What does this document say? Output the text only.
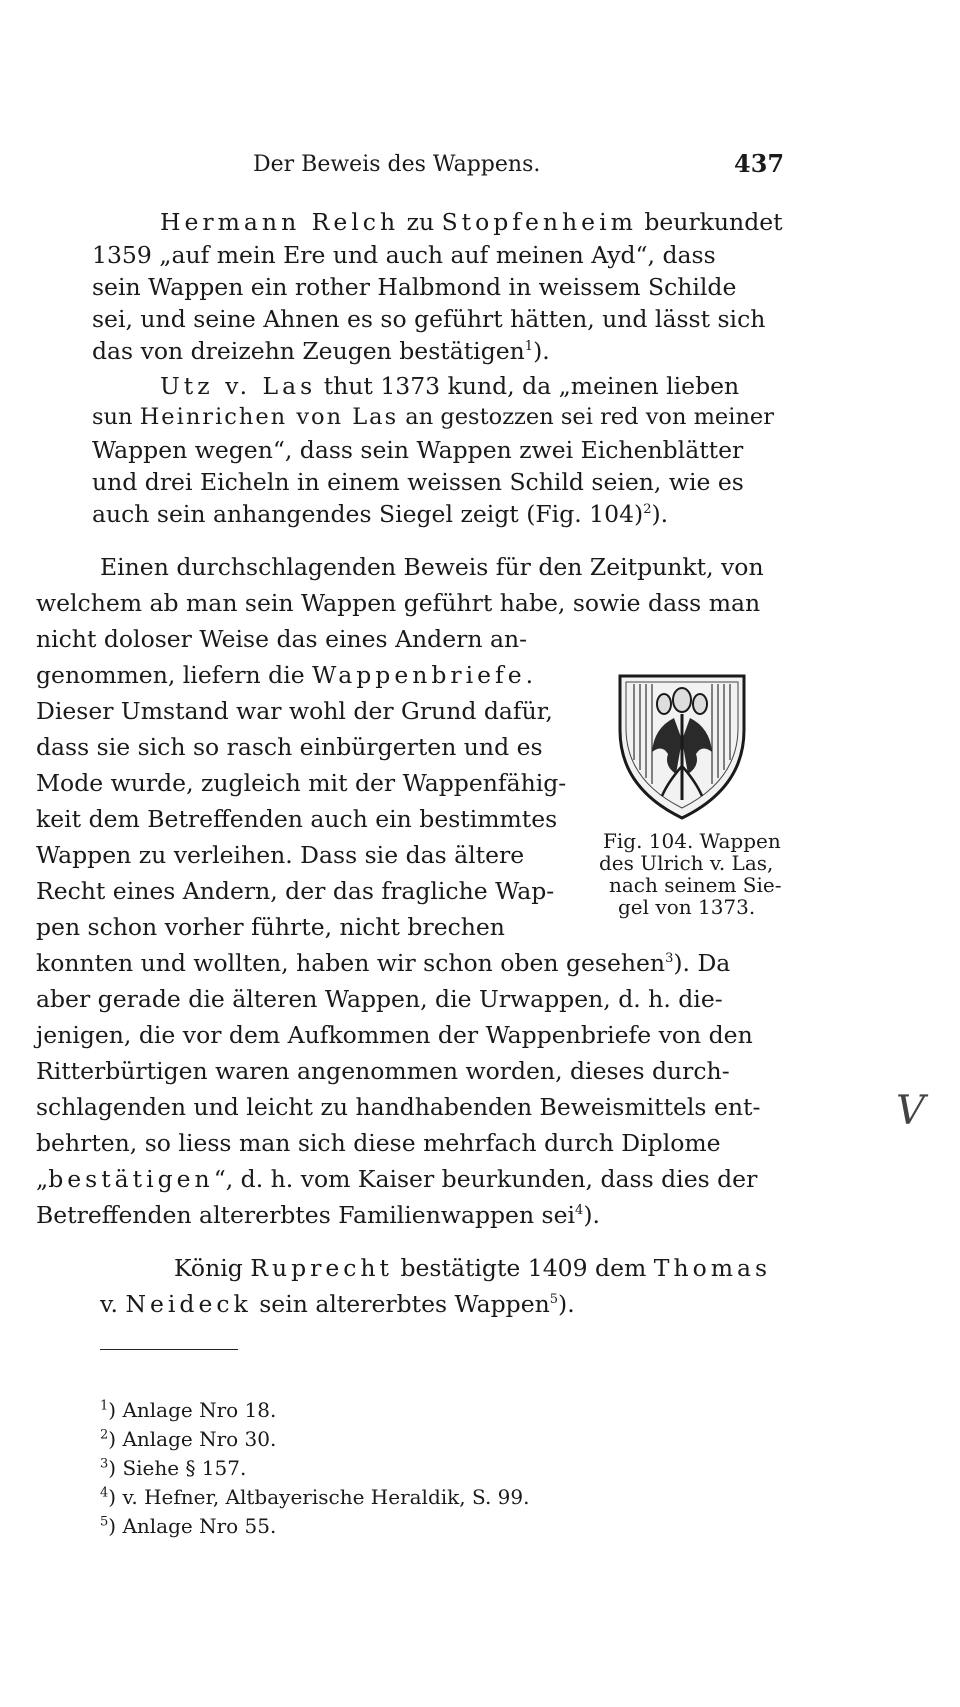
Der Beweis des Wappens.	437
Hermann Relch zu Stopfenheim beurkundet
1359 „auf mein Ere und auch auf meinen Ayd“, dass
sein Wappen ein rother Halbmond in weissem Schilde
sei, und seine Ahnen es so geführt hätten, und lässt sich
das von dreizehn Zeugen bestätigen$^1$).
Utz v. Las thut 1373 kund, da „meinen lieben
sun Heinrichen von Las an gestozzen sei red von meiner
Wappen wegen“, dass sein Wappen zwei Eichenblätter
und drei Eicheln in einem weissen Schild seien, wie es
auch sein anhangendes Siegel zeigt (Fig. 104)$^2$).
Einen durchschlagenden Beweis für den Zeitpunkt, von
welchem ab man sein Wappen geführt habe, sowie dass man
nicht doloser Weise das eines Andern an-
genommen, liefern die Wappenbriefe.
Dieser Umstand war wohl der Grund dafür,
dass sie sich so rasch einbürgerten und es
Mode wurde, zugleich mit der Wappenfähig-
keit dem Betreffenden auch ein bestimmtes
Wappen zu verleihen. Dass sie das ältere
Recht eines Andern, der das fragliche Wap-
pen schon vorher führte, nicht brechen
konnten und wollten, haben wir schon oben gesehen$^3$). Da
aber gerade die älteren Wappen, die Urwappen, d. h. die-
jenigen, die vor dem Aufkommen der Wappenbriefe von den
Ritterbürtigen waren angenommen worden, dieses durch-
schlagenden und leicht zu handhabenden Beweismittels ent-
behrten, so liess man sich diese mehrfach durch Diplome
„bestätigen“, d. h. vom Kaiser beurkunden, dass dies der
Betreffenden altererbtes Familienwappen sei$^4$).
König Ruprecht bestätigte 1409 dem Thomas
v. Neideck sein altererbtes Wappen$^5$).
Fig. 104. Wappen
des Ulrich v. Las,
nach seinem Sie-
gel von 1373.
$^1$) Anlage Nro 18.
$^2$) Anlage Nro 30.
$^3$) Siehe § 157.
$^4$) v. Hefner, Altbayerische Heraldik, S. 99.
$^5$) Anlage Nro 55.
V
